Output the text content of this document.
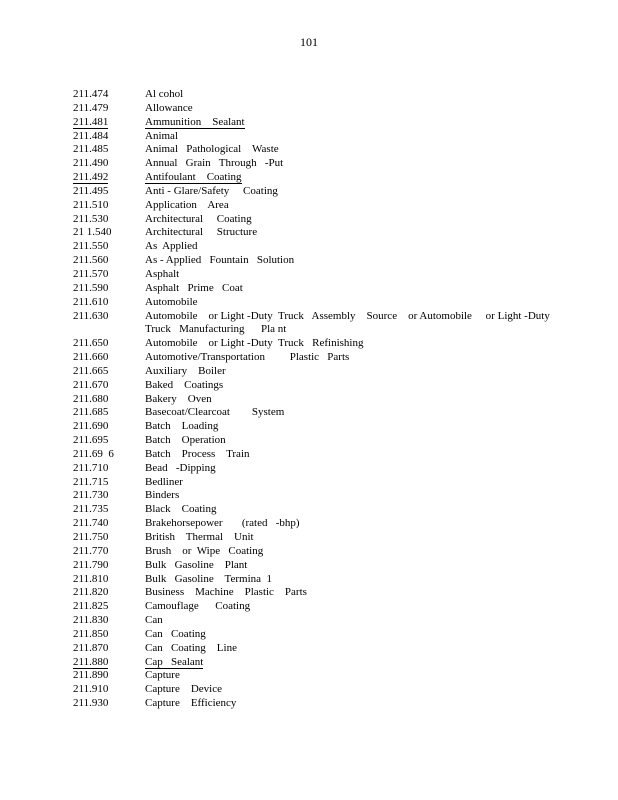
101
211.474	Al cohol
211.479	Allowance
211.481	Ammunition    Sealant
211.484	Animal
211.485	Animal   Pathological    Waste
211.490	Annual   Grain   Through   -Put
211.492	Antifoulant    Coating
211.495	Anti - Glare/Safety     Coating
211.510	Application    Area
211.530	Architectural     Coating
21 1.540	Architectural     Structure
211.550	As  Applied
211.560	As - Applied   Fountain   Solution
211.570	Asphalt
211.590	Asphalt   Prime   Coat
211.610	Automobile
211.630	Automobile    or Light -Duty  Truck   Assembly    Source    or Automobile     or Light -Duty
Truck   Manufacturing      Pla nt
211.650	Automobile    or Light -Duty  Truck   Refinishing
211.660	Automotive/Transportation         Plastic   Parts
211.665	Auxiliary    Boiler
211.670	Baked    Coatings
211.680	Bakery    Oven
211.685	Basecoat/Clearcoat        System
211.690	Batch    Loading
211.695	Batch    Operation
211.69  6	Batch    Process    Train
211.710	Bead   -Dipping
211.715	Bedliner
211.730	Binders
211.735	Black    Coating
211.740	Brakehorsepower       (rated   -bhp)
211.750	British    Thermal    Unit
211.770	Brush    or  Wipe   Coating
211.790	Bulk   Gasoline    Plant
211.810	Bulk   Gasoline    Termina  1
211.820	Business    Machine    Plastic    Parts
211.825	Camouflage      Coating
211.830	Can
211.850	Can   Coating
211.870	Can   Coating    Line
211.880	Cap   Sealant
211.890	Capture
211.910	Capture    Device
211.930	Capture    Efficiency
